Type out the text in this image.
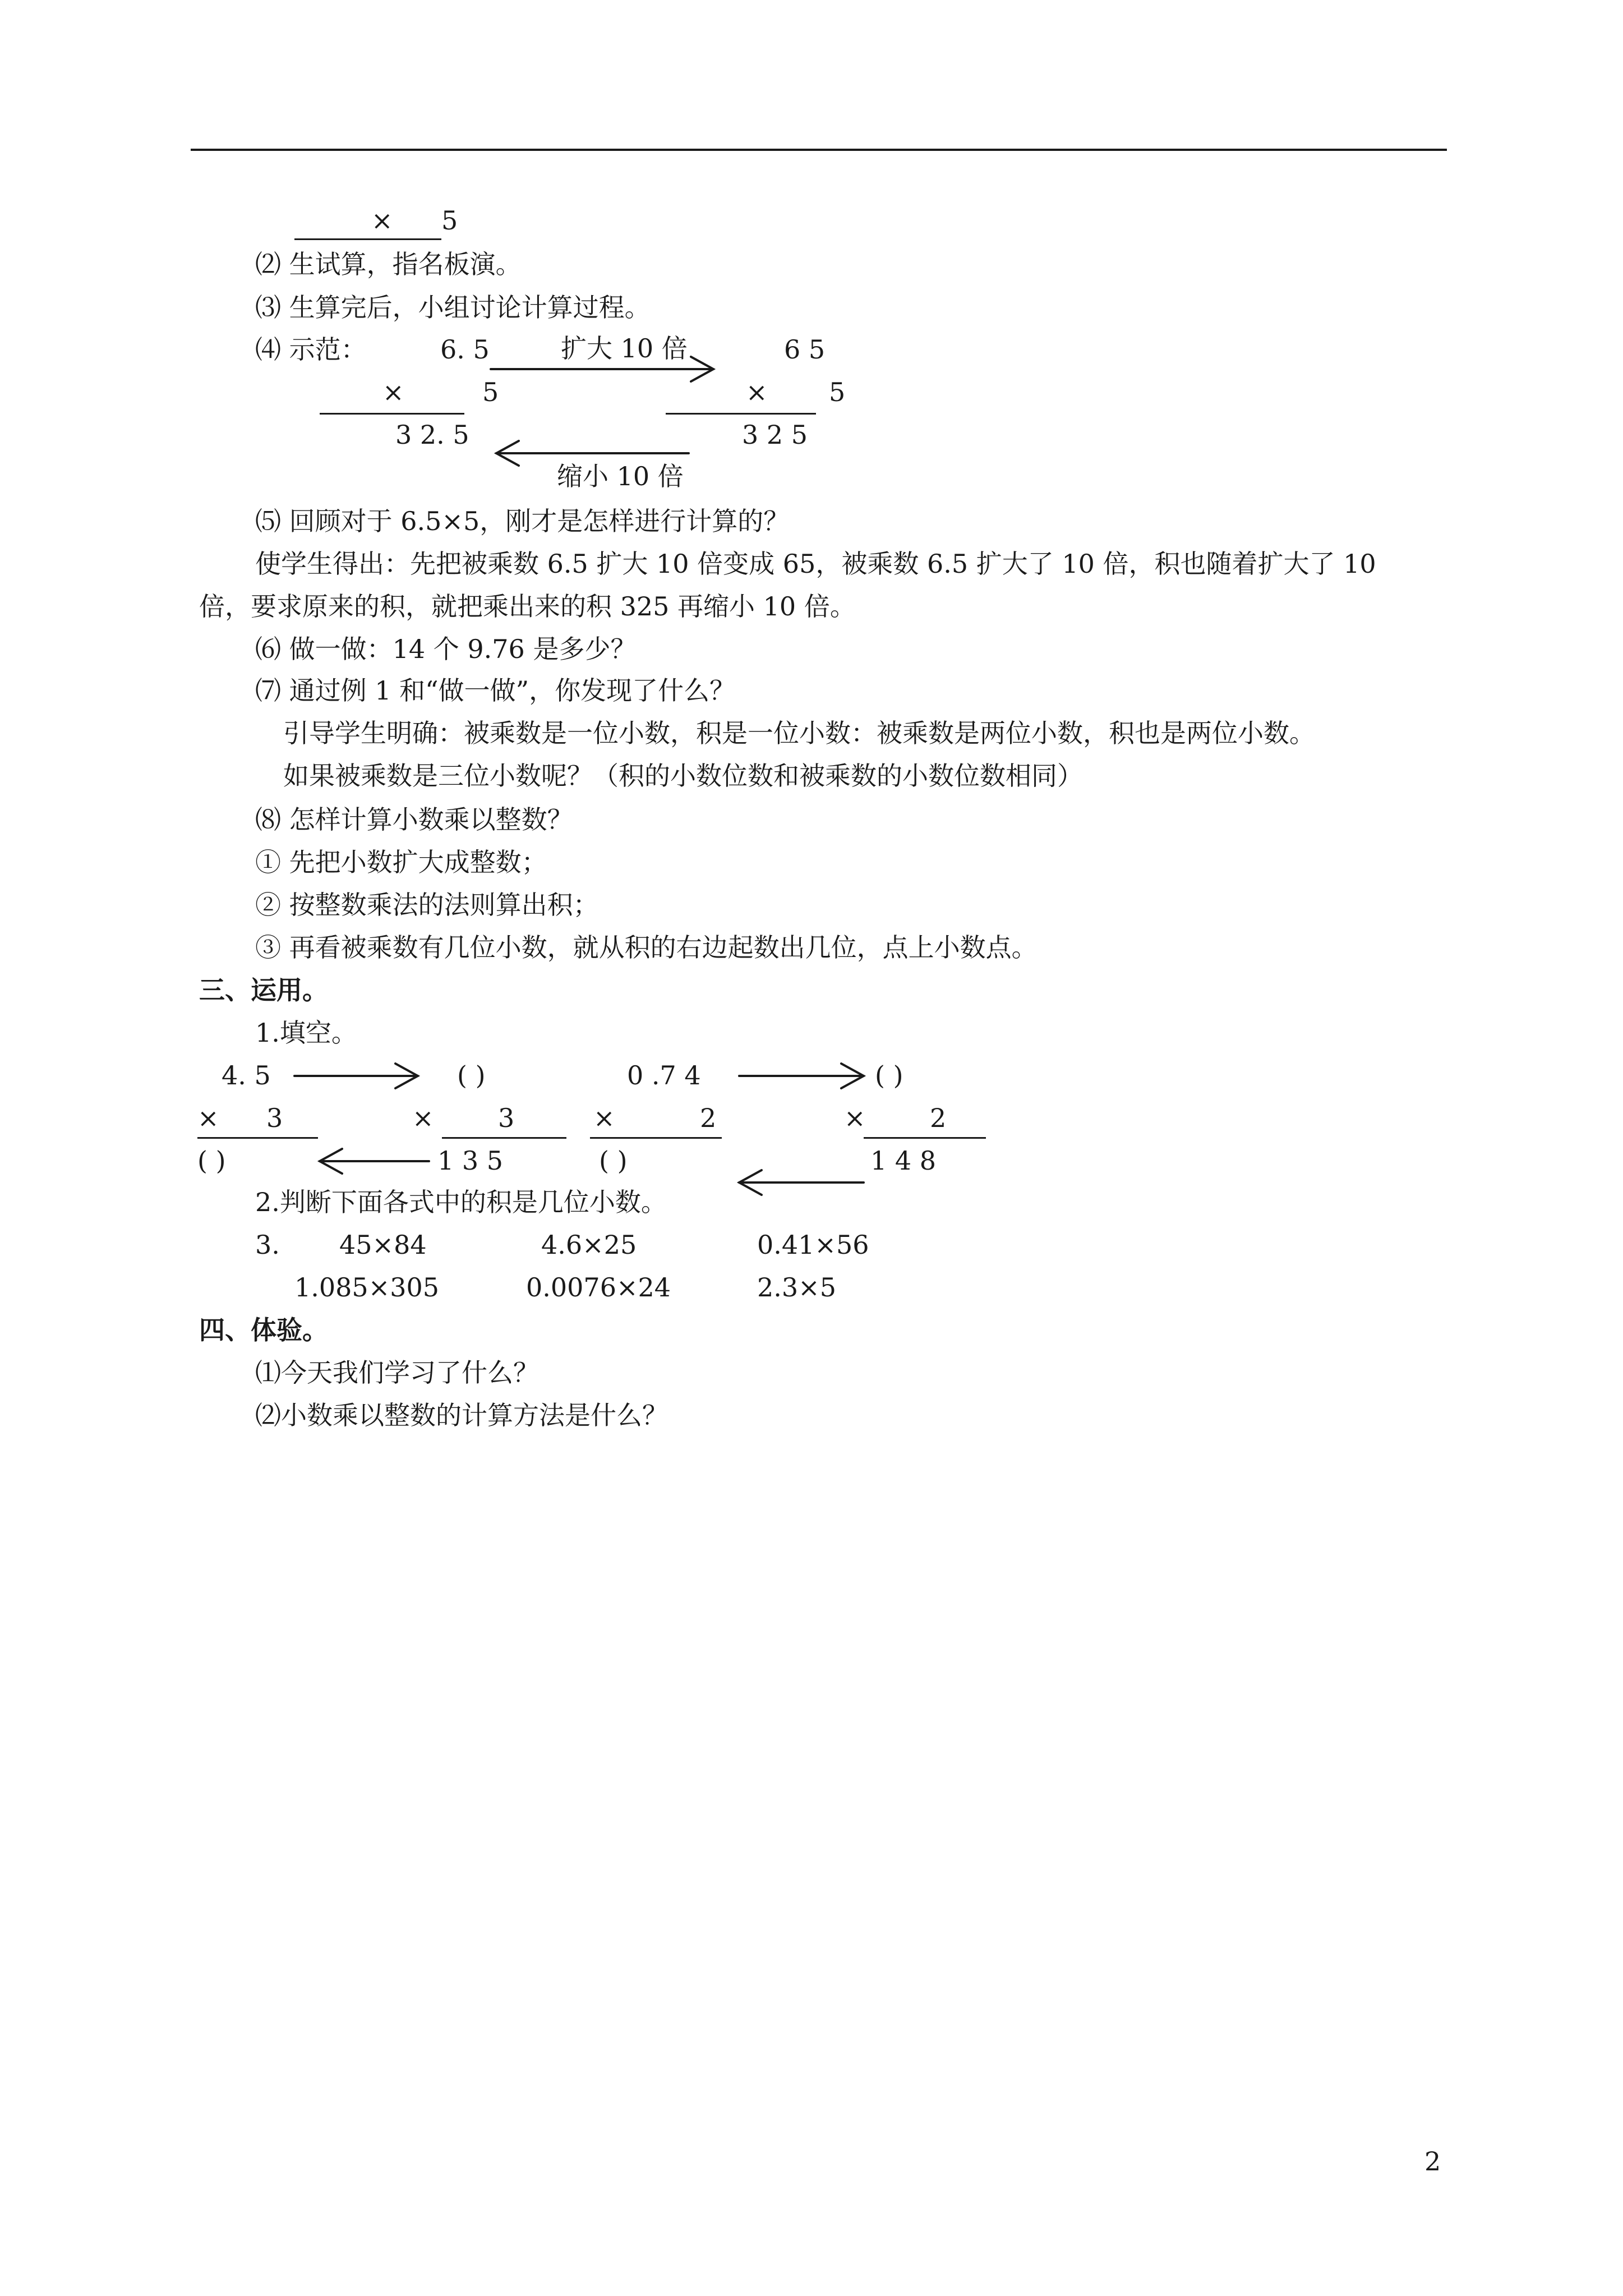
× 5
⑵ 生试算，指名板演。
⑶ 生算完后，小组讨论计算过程。
⑷ 示范：	6. 5	扩大 10 倍	6 5
×	5	× 5
3 2. 5	3 2 5
缩小 10 倍
⑸ 回顾对于 6.5×5，刚才是怎样进行计算的？
使学生得出：先把被乘数 6.5 扩大 10 倍变成 65，被乘数 6.5 扩大了 10 倍，积也随着扩大了 10
倍，要求原来的积，就把乘出来的积 325 再缩小 10 倍。
⑹ 做一做：14 个 9.76 是多少？
⑺ 通过例 1 和“做一做”，你发现了什么？
引导学生明确：被乘数是一位小数，积是一位小数：被乘数是两位小数，积也是两位小数。
如果被乘数是三位小数呢？（积的小数位数和被乘数的小数位数相同）
⑻ 怎样计算小数乘以整数？
① 先把小数扩大成整数；
② 按整数乘法的法则算出积；
③ 再看被乘数有几位小数，就从积的右边起数出几位，点上小数点。
三、运用。
1.填空。
4. 5	( )	0 .7 4	( )
× 3	× 3	×	2	× 2
( )	1 3 5	( )	1 4 8
2.判断下面各式中的积是几位小数。
3. 45×84	4.6×25	0.41×56
1.085×305	0.0076×24	2.3×5
四、体验。
⑴今天我们学习了什么？
⑵小数乘以整数的计算方法是什么？
2
